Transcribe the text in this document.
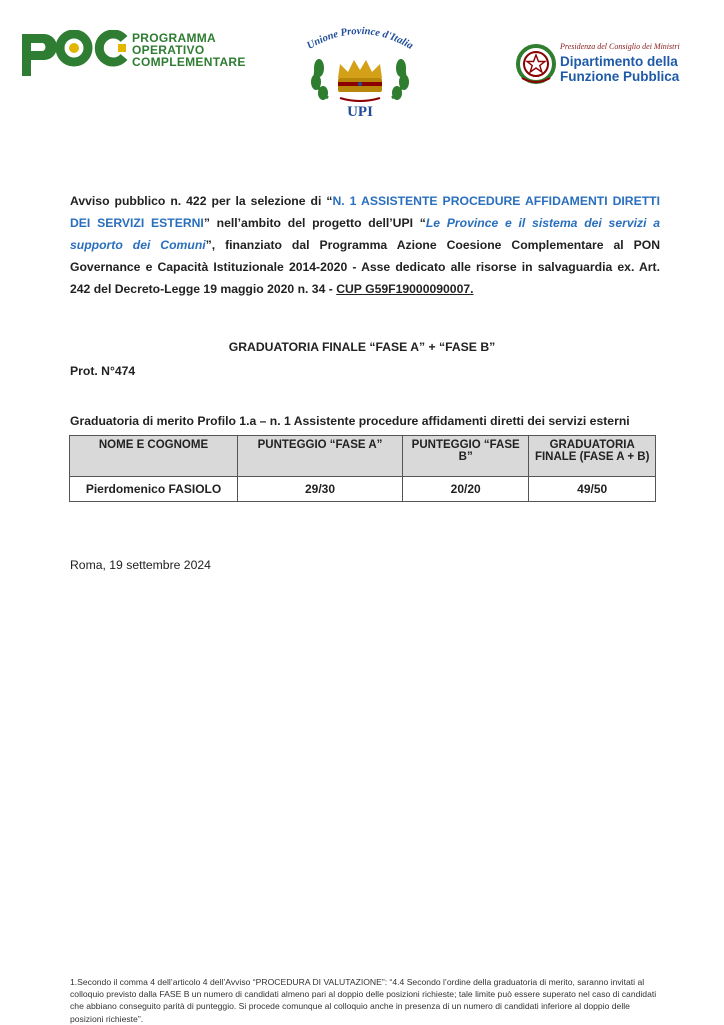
PROGRAMMA
OPERATIVO
COMPLEMENTARE
Unione Province d'Italia
UPI
Presidenza del Consiglio dei Ministri
Dipartimento della
Funzione Pubblica
Avviso pubblico n. 422 per la selezione di “N. 1 ASSISTENTE PROCEDURE AFFIDAMENTI DIRETTI DEI SERVIZI ESTERNI” nell’ambito del progetto dell’UPI “Le Province e il sistema dei servizi a supporto dei Comuni”, finanziato dal Programma Azione Coesione Complementare al PON Governance e Capacità Istituzionale 2014-2020 - Asse dedicato alle risorse in salvaguardia ex. Art. 242 del Decreto-Legge 19 maggio 2020 n. 34 - CUP G59F19000090007.
GRADUATORIA FINALE “FASE A” + “FASE B”
Prot. N°474
Graduatoria di merito Profilo 1.a – n. 1 Assistente procedure affidamenti diretti dei servizi esterni
NOME E COGNOME	PUNTEGGIO “FASE A”	PUNTEGGIO “FASE B”	GRADUATORIA FINALE (FASE A + B)
Pierdomenico FASIOLO	29/30	20/20	49/50
Roma, 19 settembre 2024
1.Secondo il comma 4 dell’articolo 4 dell’Avviso “PROCEDURA DI VALUTAZIONE”: “4.4 Secondo l’ordine della graduatoria di merito, saranno invitati al colloquio previsto dalla FASE B un numero di candidati almeno pari al doppio delle posizioni richieste; tale limite può essere superato nel caso di candidati che abbiano conseguito parità di punteggio. Si procede comunque al colloquio anche in presenza di un numero di candidati inferiore al doppio delle posizioni richieste”.
